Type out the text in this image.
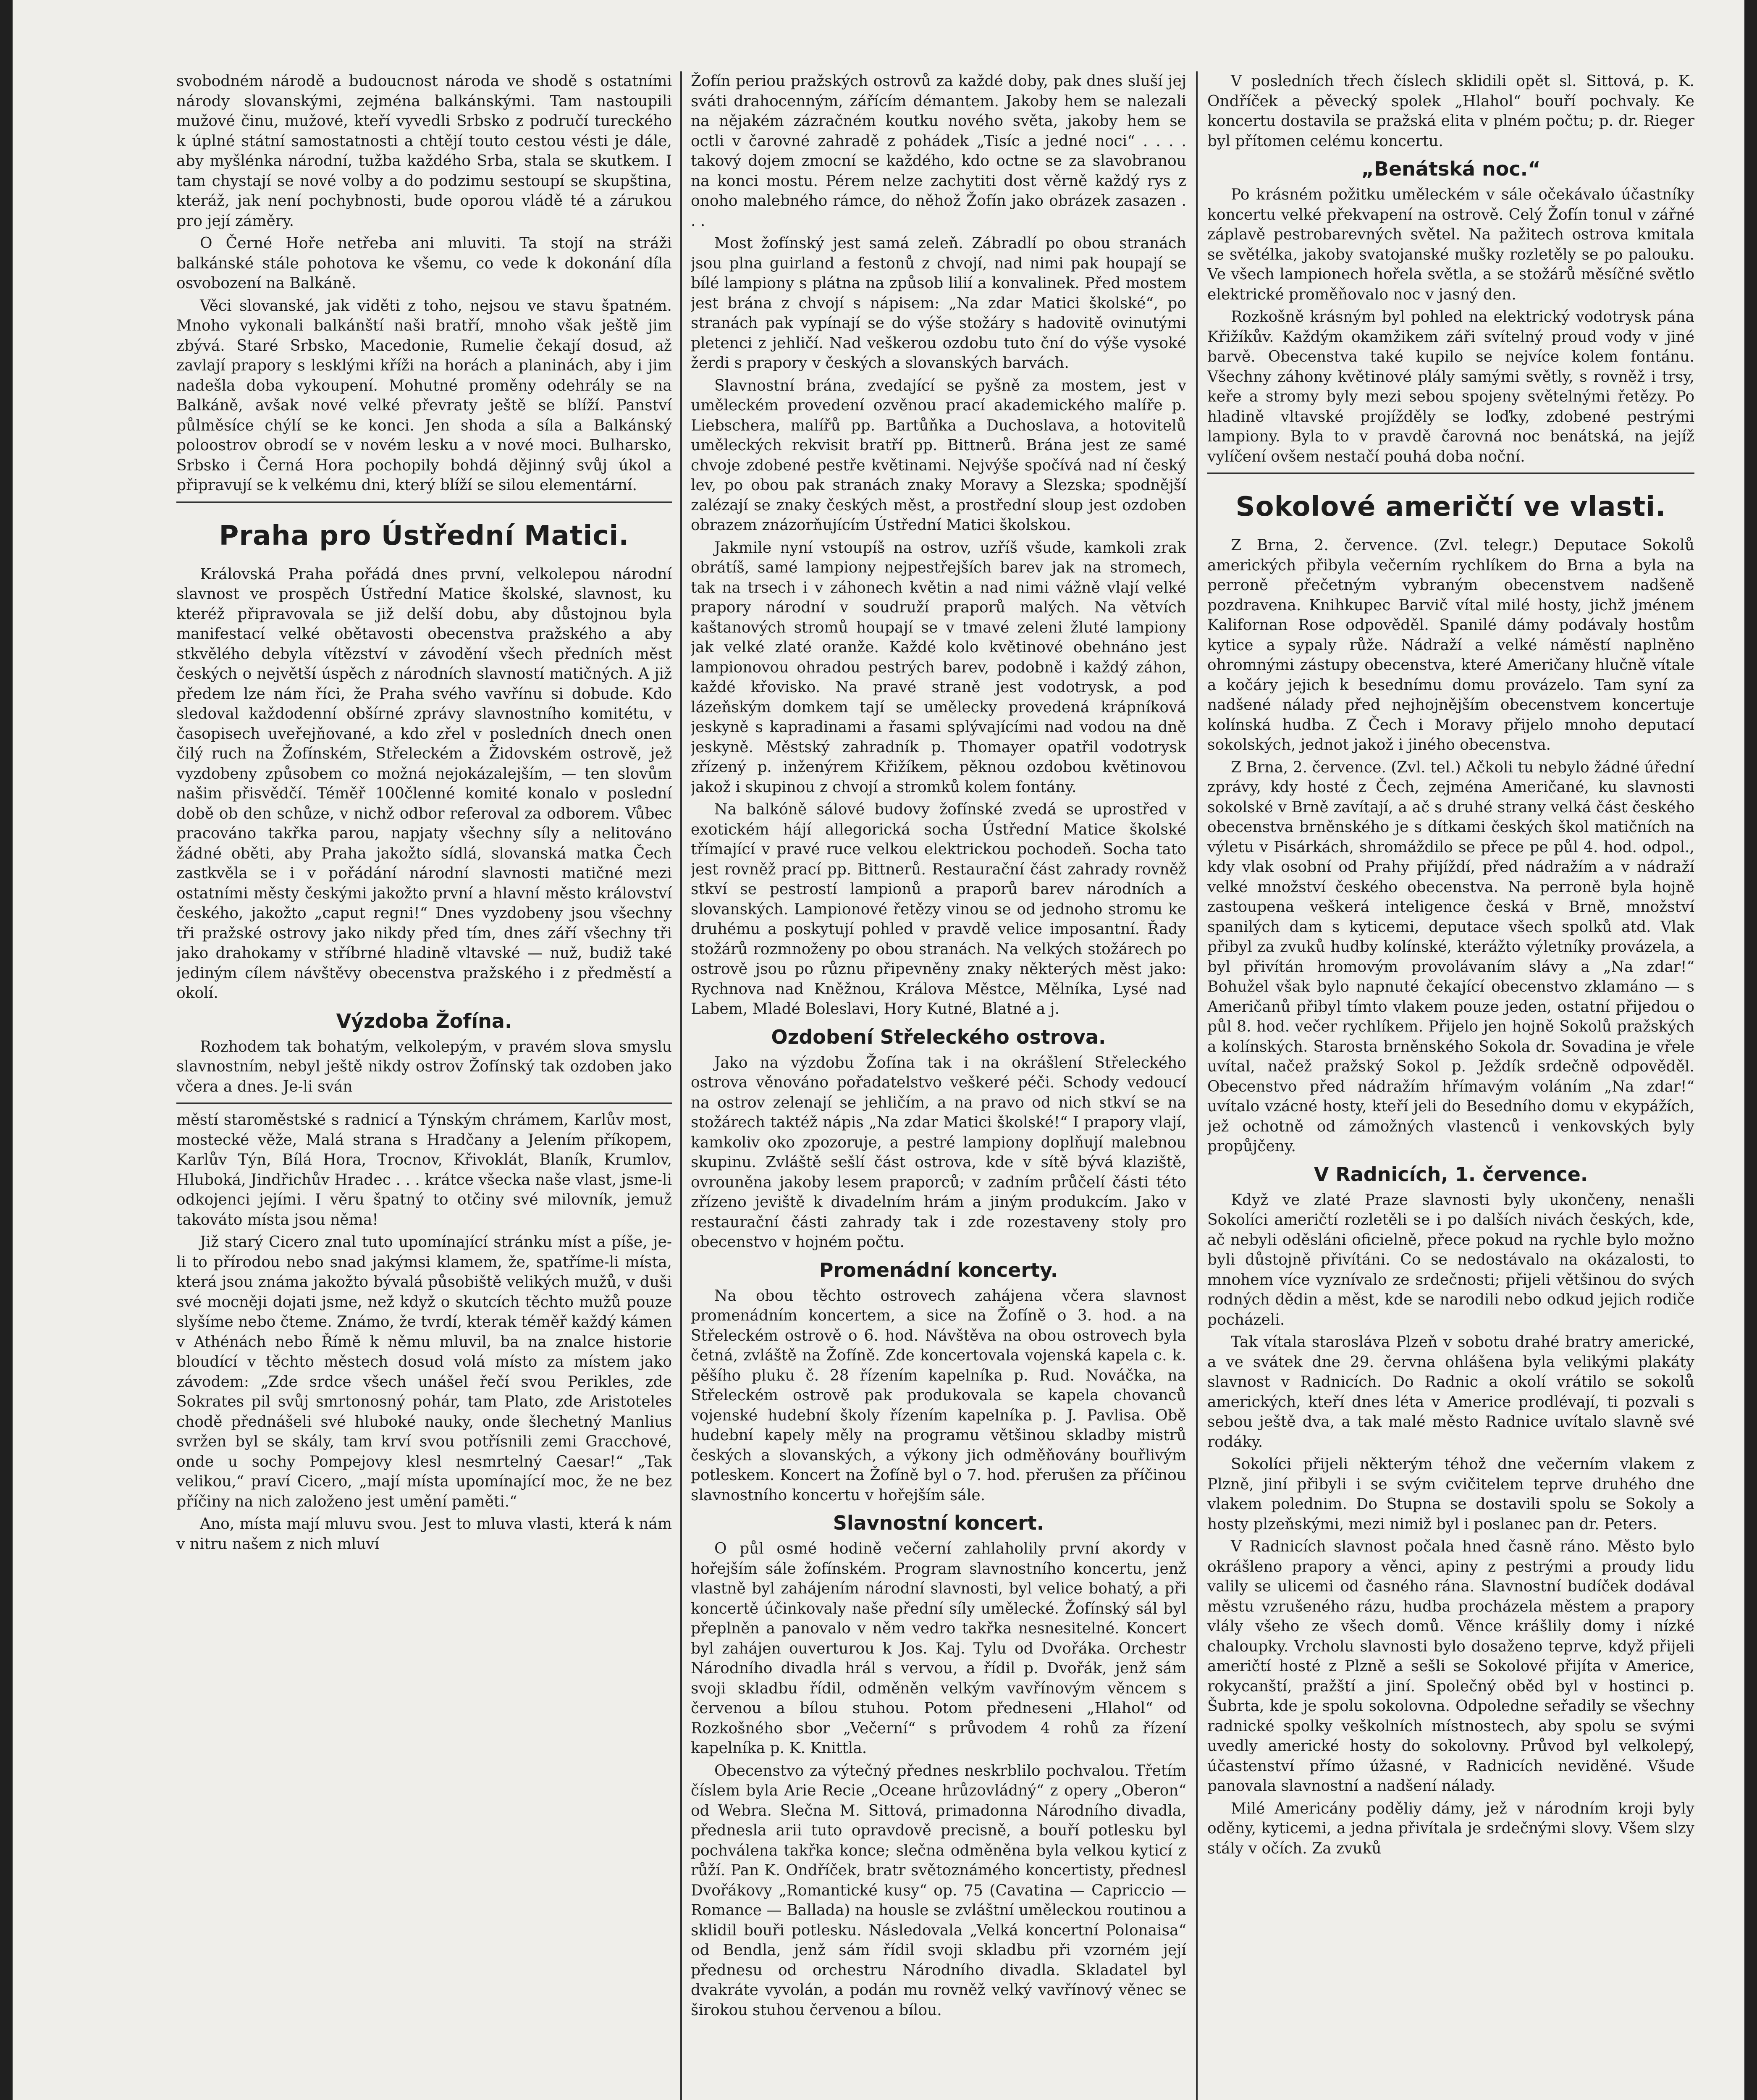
svobodném národě a budoucnost národa ve shodě s ostatními národy slovanskými, zejména balkánskými. Tam nastoupili mužové činu, mužové, kteří vyvedli Srbsko z područí tureckého k úplné státní samostatnosti a chtějí touto cestou vésti je dále, aby myšlénka národní, tužba každého Srba, stala se skutkem. I tam chystají se nové volby a do podzimu sestoupí se skupština, kteráž, jak není pochybnosti, bude oporou vládě té a zárukou pro její záměry.

O Černé Hoře netřeba ani mluviti. Ta stojí na stráži balkánské stále pohotova ke všemu, co vede k dokonání díla osvobození na Balkáně.

Věci slovanské, jak viděti z toho, nejsou ve stavu špatném. Mnoho vykonali balkánští naši bratří, mnoho však ještě jim zbývá. Staré Srbsko, Macedonie, Rumelie čekají dosud, až zavlají prapory s lesklými kříži na horách a planinách, aby i jim nadešla doba vykoupení. Mohutné proměny odehrály se na Balkáně, avšak nové velké převraty ještě se blíží. Panství půlměsíce chýlí se ke konci. Jen shoda a síla a Balkánský poloostrov obrodí se v novém lesku a v nové moci. Bulharsko, Srbsko i Černá Hora pochopily bohdá dějinný svůj úkol a připravují se k velkému dni, který blíží se silou elementární.

Praha pro Ústřední Matici.

Královská Praha pořádá dnes první, velkolepou národní slavnost ve prospěch Ústřední Matice školské, slavnost, ku kteréž připravovala se již delší dobu, aby důstojnou byla manifestací velké obětavosti obecenstva pražského a aby stkvělého debyla vítězství v závodění všech předních měst českých o největší úspěch z národních slavností matičných. A již předem lze nám říci, že Praha svého vavřínu si dobude. Kdo sledoval každodenní obšírné zprávy slavnostního komitétu, v časopisech uveřejňované, a kdo zřel v posledních dnech onen čilý ruch na Žofínském, Střeleckém a Židovském ostrově, jež vyzdobeny způsobem co možná nejokázalejším, — ten slovům našim přisvědčí. Téměř 100členné komité konalo v poslední době ob den schůze, v nichž odbor referoval za odborem. Vůbec pracováno takřka parou, napjaty všechny síly a nelitováno žádné oběti, aby Praha jakožto sídlá, slovanská matka Čech zastkvěla se i v pořádání národní slavnosti matičné mezi ostatními městy českými jakožto první a hlavní město království českého, jakožto „caput regni!“ Dnes vyzdobeny jsou všechny tři pražské ostrovy jako nikdy před tím, dnes září všechny tři jako drahokamy v stříbrné hladině vltavské — nuž, budiž také jediným cílem návštěvy obecenstva pražského i z předměstí a okolí.

Výzdoba Žofína.

Rozhodem tak bohatým, velkolepým, v pravém slova smyslu slavnostním, nebyl ještě nikdy ostrov Žofínský tak ozdoben jako včera a dnes. Je-li sván

městí staroměstské s radnicí a Týnským chrámem, Karlův most, mostecké věže, Malá strana s Hradčany a Jelením příkopem, Karlův Týn, Bílá Hora, Trocnov, Křivoklát, Blaník, Krumlov, Hluboká, Jindřichův Hradec . . . krátce všecka naše vlast, jsme-li odkojenci jejími. I věru špatný to otčiny své milovník, jemuž takováto místa jsou něma!

Již starý Cicero znal tuto upomínající stránku míst a píše, je-li to přírodou nebo snad jakýmsi klamem, že, spatříme-li místa, která jsou známa jakožto bývalá působiště velikých mužů, v duši své mocněji dojati jsme, než když o skutcích těchto mužů pouze slyšíme nebo čteme. Známo, že tvrdí, kterak téměř každý kámen v Athénách nebo Římě k němu mluvil, ba na znalce historie bloudící v těchto městech dosud volá místo za místem jako závodem: „Zde srdce všech unášel řečí svou Perikles, zde Sokrates pil svůj smrtonosný pohár, tam Plato, zde Aristoteles chodě přednášeli své hluboké nauky, onde šlechetný Manlius svržen byl se skály, tam krví svou potřísnili zemi Gracchové, onde u sochy Pompejovy klesl nesmrtelný Caesar!“ „Tak velikou,“ praví Cicero, „mají místa upomínající moc, že ne bez příčiny na nich založeno jest umění paměti.“

Ano, místa mají mluvu svou. Jest to mluva vlasti, která k nám v nitru našem z nich mluví

Žofín periou pražských ostrovů za každé doby, pak dnes sluší jej sváti drahocenným, zářícím démantem. Jakoby hem se nalezali na nějakém zázračném koutku nového světa, jakoby hem se octli v čarovné zahradě z pohádek „Tisíc a jedné noci“ . . . . takový dojem zmocní se každého, kdo octne se za slavobranou na konci mostu. Pérem nelze zachytiti dost věrně každý rys z onoho malebného rámce, do něhož Žofín jako obrázek zasazen . . .

Most žofínský jest samá zeleň. Zábradlí po obou stranách jsou plna guirland a festonů z chvojí, nad nimi pak houpají se bílé lampiony s plátna na způsob lilií a konvalinek. Před mostem jest brána z chvojí s nápisem: „Na zdar Matici školské“, po stranách pak vypínají se do výše stožáry s hadovitě ovinutými pletenci z jehličí. Nad veškerou ozdobu tuto ční do výše vysoké žerdi s prapory v českých a slovanských barvách.

Slavnostní brána, zvedající se pyšně za mostem, jest v uměleckém provedení ozvěnou prací akademického malíře p. Liebschera, malířů pp. Bartůňka a Duchoslava, a hotovitelů uměleckých rekvisit bratří pp. Bittnerů. Brána jest ze samé chvoje zdobené pestře květinami. Nejvýše spočívá nad ní český lev, po obou pak stranách znaky Moravy a Slezska; spodnější zalézají se znaky českých měst, a prostřední sloup jest ozdoben obrazem znázorňujícím Ústřední Matici školskou.

Jakmile nyní vstoupíš na ostrov, uzříš všude, kamkoli zrak obrátíš, samé lampiony nejpestřejších barev jak na stromech, tak na trsech i v záhonech květin a nad nimi vážně vlají velké prapory národní v soudruží praporů malých. Na větvích kaštanových stromů houpají se v tmavé zeleni žluté lampiony jak velké zlaté oranže. Každé kolo květinové obehnáno jest lampionovou ohradou pestrých barev, podobně i každý záhon, každé křovisko. Na pravé straně jest vodotrysk, a pod lázeňským domkem tají se umělecky provedená krápníková jeskyně s kapradinami a řasami splývajícími nad vodou na dně jeskyně. Městský zahradník p. Thomayer opatřil vodotrysk zřízený p. inženýrem Křižíkem, pěknou ozdobou květinovou jakož i skupinou z chvojí a stromků kolem fontány.

Na balkóně sálové budovy žofínské zvedá se uprostřed v exotickém hájí allegorická socha Ústřední Matice školské třímající v pravé ruce velkou elektrickou pochodeň. Socha tato jest rovněž prací pp. Bittnerů. Restaurační část zahrady rovněž stkví se pestrostí lampionů a praporů barev národních a slovanských. Lampionové řetězy vinou se od jednoho stromu ke druhému a poskytují pohled v pravdě velice imposantní. Řady stožárů rozmnoženy po obou stranách. Na velkých stožárech po ostrově jsou po různu připevněny znaky některých měst jako: Rychnova nad Kněžnou, Králova Městce, Mělníka, Lysé nad Labem, Mladé Boleslavi, Hory Kutné, Blatné a j.

Ozdobení Střeleckého ostrova.

Jako na výzdobu Žofína tak i na okrášlení Střeleckého ostrova věnováno pořadatelstvo veškeré péči. Schody vedoucí na ostrov zelenají se jehličím, a na pravo od nich stkví se na stožárech taktéž nápis „Na zdar Matici školské!“ I prapory vlají, kamkoliv oko zpozoruje, a pestré lampiony doplňují malebnou skupinu. Zvláště sešlí část ostrova, kde v sítě bývá klaziště, ovrouněna jakoby lesem praporců; v zadním průčelí části této zřízeno jeviště k divadelním hrám a jiným produkcím. Jako v restaurační části zahrady tak i zde rozestaveny stoly pro obecenstvo v hojném počtu.

Promenádní koncerty.

Na obou těchto ostrovech zahájena včera slavnost promenádním koncertem, a sice na Žofíně o 3. hod. a na Střeleckém ostrově o 6. hod. Návštěva na obou ostrovech byla četná, zvláště na Žofíně. Zde koncertovala vojenská kapela c. k. pěšího pluku č. 28 řízením kapelníka p. Rud. Nováčka, na Střeleckém ostrově pak produkovala se kapela chovanců vojenské hudební školy řízením kapelníka p. J. Pavlisa. Obě hudební kapely měly na programu většinou skladby mistrů českých a slovanských, a výkony jich odměňovány bouřlivým potleskem. Koncert na Žofíně byl o 7. hod. přerušen za příčinou slavnostního koncertu v hořejším sále.

Slavnostní koncert.

O půl osmé hodině večerní zahlaholily první akordy v hořejším sále žofínském. Program slavnostního koncertu, jenž vlastně byl zahájením národní slavnosti, byl velice bohatý, a při koncertě účinkovaly naše přední síly umělecké. Žofínský sál byl přeplněn a panovalo v něm vedro takřka nesnesitelné. Koncert byl zahájen ouverturou k Jos. Kaj. Tylu od Dvořáka. Orchestr Národního divadla hrál s vervou, a řídil p. Dvořák, jenž sám svoji skladbu řídil, odměněn velkým vavřínovým věncem s červenou a bílou stuhou. Potom předneseni „Hlahol“ od Rozkošného sbor „Večerní“ s průvodem 4 rohů za řízení kapelníka p. K. Knittla.

Obecenstvo za výtečný přednes neskrblilo pochvalou. Třetím číslem byla Arie Recie „Oceane hrůzovládný“ z opery „Oberon“ od Webra. Slečna M. Sittová, primadonna Národního divadla, přednesla arii tuto opravdově precisně, a bouří potlesku byl pochválena takřka konce; slečna odměněna byla velkou kyticí z růží. Pan K. Ondříček, bratr světoznámého koncertisty, přednesl Dvořákovy „Romantické kusy“ op. 75 (Cavatina — Capriccio — Romance — Ballada) na housle se zvláštní uměleckou routinou a sklidil bouři potlesku. Následovala „Velká koncertní Polonaisa“ od Bendla, jenž sám řídil svoji skladbu při vzorném její přednesu od orchestru Národního divadla. Skladatel byl dvakráte vyvolán, a podán mu rovněž velký vavřínový věnec se širokou stuhou červenou a bílou.

V posledních třech číslech sklidili opět sl. Sittová, p. K. Ondříček a pěvecký spolek „Hlahol“ bouří pochvaly. Ke koncertu dostavila se pražská elita v plném počtu; p. dr. Rieger byl přítomen celému koncertu.

„Benátská noc.“

Po krásném požitku uměleckém v sále očekávalo účastníky koncertu velké překvapení na ostrově. Celý Žofín tonul v zářné záplavě pestrobarevných světel. Na pažitech ostrova kmitala se světélka, jakoby svatojanské mušky rozletěly se po palouku. Ve všech lampionech hořela světla, a se stožárů měsíčné světlo elektrické proměňovalo noc v jasný den.

Rozkošně krásným byl pohled na elektrický vodotrysk pána Křižíkův. Každým okamžikem záři svítelný proud vody v jiné barvě. Obecenstva také kupilo se nejvíce kolem fontánu. Všechny záhony květinové plály samými světly, s rovněž i trsy, keře a stromy byly mezi sebou spojeny světelnými řetězy. Po hladině vltavské projížděly se loďky, zdobené pestrými lampiony. Byla to v pravdě čarovná noc benátská, na jejíž vylíčení ovšem nestačí pouhá doba noční.

Sokolové američtí ve vlasti.

Z Brna, 2. července. (Zvl. telegr.) Deputace Sokolů amerických přibyla večerním rychlíkem do Brna a byla na perroně přečetným vybraným obecenstvem nadšeně pozdravena. Knihkupec Barvič vítal milé hosty, jichž jménem Kalifornan Rose odpověděl. Spanilé dámy podávaly hostům kytice a sypaly růže. Nádraží a velké náměstí naplněno ohromnými zástupy obecenstva, které Američany hlučně vítale a kočáry jejich k besednímu domu provázelo. Tam syní za nadšené nálady před nejhojnějším obecenstvem koncertuje kolínská hudba. Z Čech i Moravy přijelo mnoho deputací sokolských, jednot jakož i jiného obecenstva.

Z Brna, 2. července. (Zvl. tel.) Ačkoli tu nebylo žádné úřední zprávy, kdy hosté z Čech, zejména Američané, ku slavnosti sokolské v Brně zavítají, a ač s druhé strany velká část českého obecenstva brněnského je s dítkami českých škol matičních na výletu v Pisárkách, shromáždilo se přece pe půl 4. hod. odpol., kdy vlak osobní od Prahy přijíždí, před nádražím a v nádraží velké množství českého obecenstva. Na perroně byla hojně zastoupena veškerá inteligence česká v Brně, množství spanilých dam s kyticemi, deputace všech spolků atd. Vlak přibyl za zvuků hudby kolínské, kterážto výletníky provázela, a byl přivítán hromovým provolávaním slávy a „Na zdar!“ Bohužel však bylo napnuté čekající obecenstvo zklamáno — s Američanů přibyl tímto vlakem pouze jeden, ostatní přijedou o půl 8. hod. večer rychlíkem. Přijelo jen hojně Sokolů pražských a kolínských. Starosta brněnského Sokola dr. Sovadina je vřele uvítal, načež pražský Sokol p. Ježdík srdečně odpověděl. Obecenstvo před nádražím hřímavým voláním „Na zdar!“ uvítalo vzácné hosty, kteří jeli do Besedního domu v ekypážích, jež ochotně od zámožných vlastenců i venkovských byly propůjčeny.

V Radnicích, 1. července.

Když ve zlaté Praze slavnosti byly ukončeny, nenašli Sokolíci američtí rozletěli se i po dalších nivách českých, kde, ač nebyli oděsláni oficielně, přece pokud na rychle bylo možno byli důstojně přivítáni. Co se nedostávalo na okázalosti, to mnohem více vyznívalo ze srdečnosti; přijeli většinou do svých rodných dědin a měst, kde se narodili nebo odkud jejich rodiče pocházeli.

Tak vítala starosláva Plzeň v sobotu drahé bratry americké, a ve svátek dne 29. června ohlášena byla velikými plakáty slavnost v Radnicích. Do Radnic a okolí vrátilo se sokolů amerických, kteří dnes léta v Americe prodlévají, ti pozvali s sebou ještě dva, a tak malé město Radnice uvítalo slavně své rodáky.

Sokolíci přijeli některým téhož dne večerním vlakem z Plzně, jiní přibyli i se svým cvičitelem teprve druhého dne vlakem polednim. Do Stupna se dostavili spolu se Sokoly a hosty plzeňskými, mezi nimiž byl i poslanec pan dr. Peters.

V Radnicích slavnost počala hned časně ráno. Město bylo okrášleno prapory a věnci, apiny z pestrými a proudy lidu valily se ulicemi od časného rána. Slavnostní budíček dodával městu vzrušeného rázu, hudba procházela městem a prapory vlály všeho ze všech domů. Věnce krášlily domy i nízké chaloupky. Vrcholu slavnosti bylo dosaženo teprve, když přijeli američtí hosté z Plzně a sešli se Sokolové přijíta v Americe, rokycanští, pražští a jiní. Společný oběd byl v hostinci p. Šubrta, kde je spolu sokolovna. Odpoledne seřadily se všechny radnické spolky veškolních místnostech, aby spolu se svými uvedly americké hosty do sokolovny. Průvod byl velkolepý, účastenství přímo úžasné, v Radnicích neviděné. Všude panovala slavnostní a nadšení nálady.

Milé Americány poděliy dámy, jež v národním kroji byly oděny, kyticemi, a jedna přivítala je srdečnými slovy. Všem slzy stály v očích. Za zvuků
